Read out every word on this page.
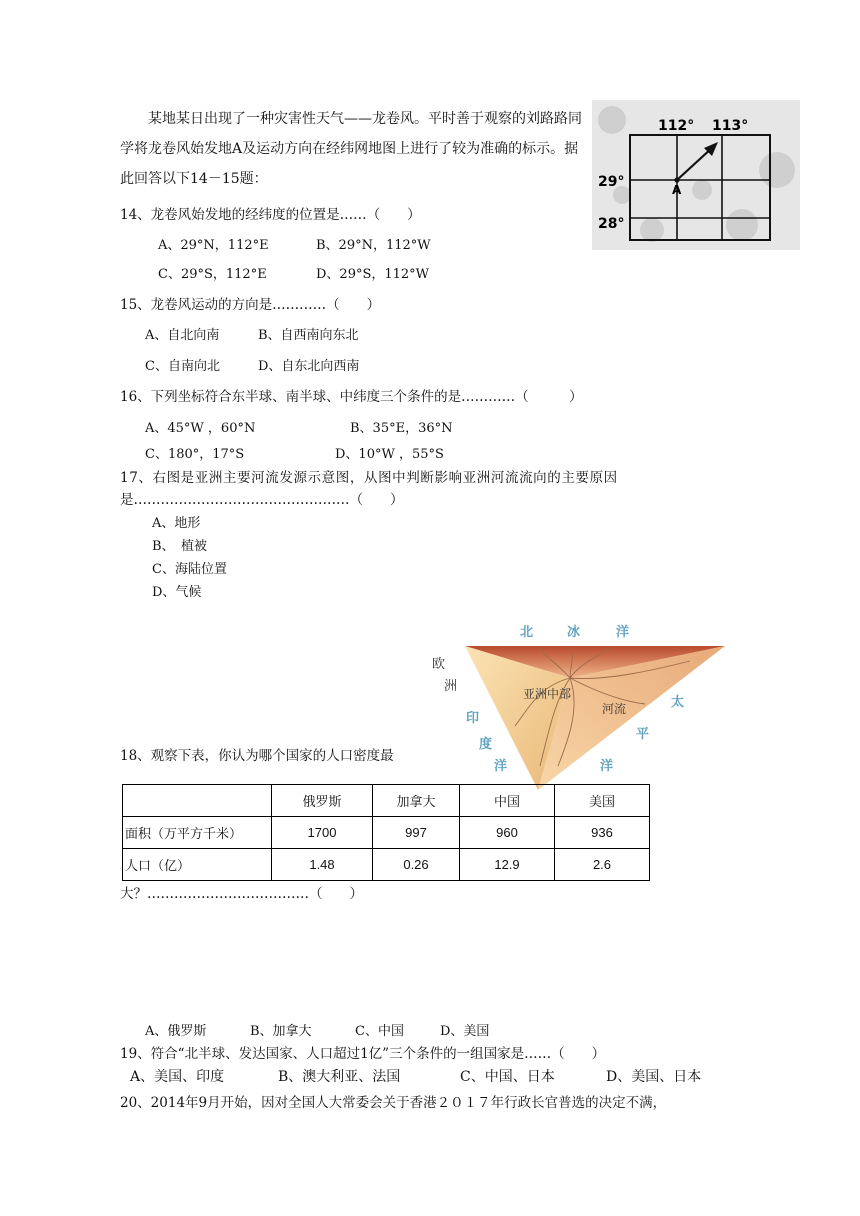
某地某日出现了一种灾害性天气——龙卷风。平时善于观察的刘路路同学将龙卷风始发地A及运动方向在经纬网地图上进行了较为准确的标示。据此回答以下14－15题：

112° 113°
29°
28°
A
14、龙卷风始发地的经纬度的位置是……（　　）
A、29°N，112°E	B、29°N，112°W
C、29°S，112°E	D、29°S，112°W
15、龙卷风运动的方向是…………（　　）
A、自北向南	B、自西南向东北
C、自南向北	D、自东北向西南
16、下列坐标符合东半球、南半球、中纬度三个条件的是…………（　　　）
A、45°W ，60°N	B、35°E，36°N
C、180°，17°S	D、10°W ，55°S
17、右图是亚洲主要河流发源示意图，从图中判断影响亚洲河流流向的主要原因
是…………………………………………（　　）
A、地形
B、　植被
C、海陆位置
D、气候
北	冰	洋
欧
洲
印
度
洋
太
平
洋
亚洲中部
河流
18、观察下表，你认为哪个国家的人口密度最
	俄罗斯	加拿大	中国	美国
面积（万平方千米）	1700	997	960	936
人口（亿）	1.48	0.26	12.9	2.6
大？………………………………（　　）
A、俄罗斯	B、加拿大	C、中国	D、美国
19、符合“北半球、发达国家、人口超过1亿”三个条件的一组国家是……（　　）
A、美国、印度	B、澳大利亚、法国	C、中国、日本	D、美国、日本
20、2014年9月开始，因对全国人大常委会关于香港２０１７年行政长官普选的决定不满，
